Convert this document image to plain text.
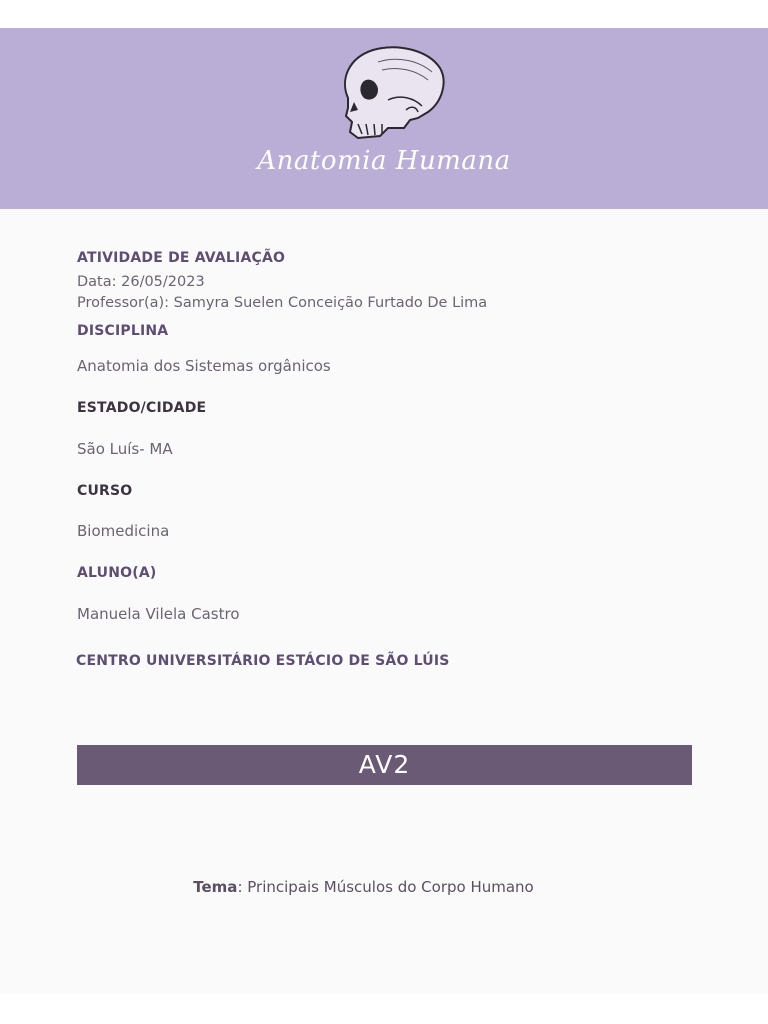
Anatomia Humana
ATIVIDADE DE AVALIAÇÃO
Data: 26/05/2023
Professor(a): Samyra Suelen Conceição Furtado De Lima
DISCIPLINA
Anatomia dos Sistemas orgânicos
ESTADO/CIDADE
São Luís- MA
CURSO
Biomedicina
ALUNO(A)
Manuela Vilela Castro
CENTRO UNIVERSITÁRIO ESTÁCIO DE SÃO LÚIS
AV2
Tema: Principais Músculos do Corpo Humano
